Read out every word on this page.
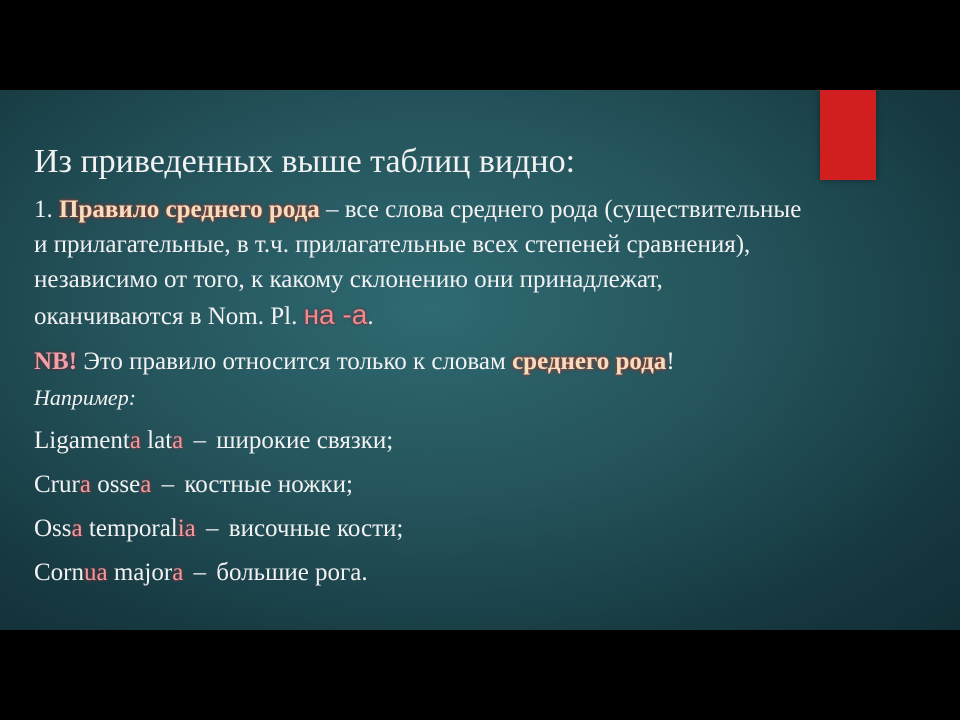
Из приведенных выше таблиц видно:

1. Правило среднего рода – все слова среднего рода (существительные
и прилагательные, в т.ч. прилагательные всех степеней сравнения),
независимо от того, к какому склонению они принадлежат,
оканчиваются в Nom. Pl. на -а.

NB! Это правило относится только к словам среднего рода!

Например:

Ligamenta lata – широкие связки;

Crura ossea – костные ножки;

Ossa temporalia – височные кости;

Cornua majora – большие рога.
